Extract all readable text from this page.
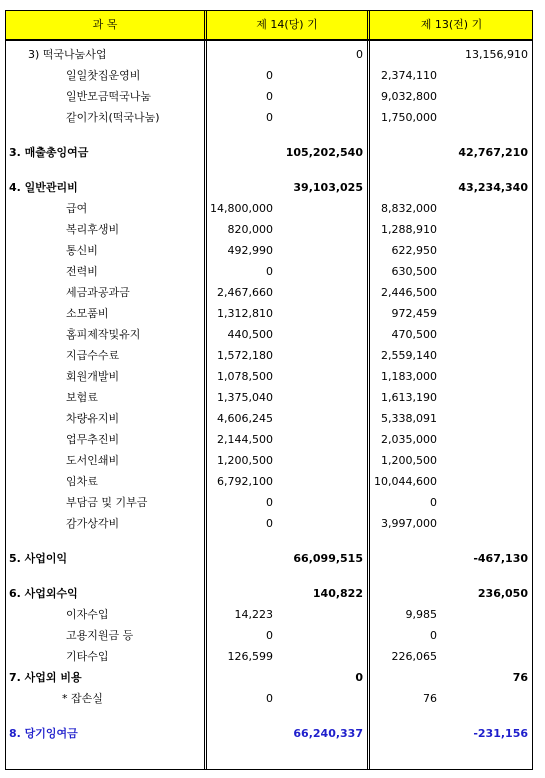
과 목	제 14(당) 기	제 13(전) 기
3) 떡국나눔사업	0	13,156,910
일일찻집운영비	0	2,374,110
일반모금떡국나눔	0	9,032,800
같이가치(떡국나눔)	0	1,750,000
3. 매출총잉여금	105,202,540	42,767,210
4. 일반관리비	39,103,025	43,234,340
급여	14,800,000	8,832,000
복리후생비	820,000	1,288,910
통신비	492,990	622,950
전력비	0	630,500
세금과공과금	2,467,660	2,446,500
소모품비	1,312,810	972,459
홈피제작및유지	440,500	470,500
지급수수료	1,572,180	2,559,140
회원개발비	1,078,500	1,183,000
보험료	1,375,040	1,613,190
차량유지비	4,606,245	5,338,091
업무추진비	2,144,500	2,035,000
도서인쇄비	1,200,500	1,200,500
임차료	6,792,100	10,044,600
부담금 및 기부금	0	0
감가상각비	0	3,997,000
5. 사업이익	66,099,515	-467,130
6. 사업외수익	140,822	236,050
이자수입	14,223	9,985
고용지원금 등	0	0
기타수입	126,599	226,065
7. 사업외 비용	0	76
* 잡손실	0	76
8. 당기잉여금	66,240,337	-231,156
